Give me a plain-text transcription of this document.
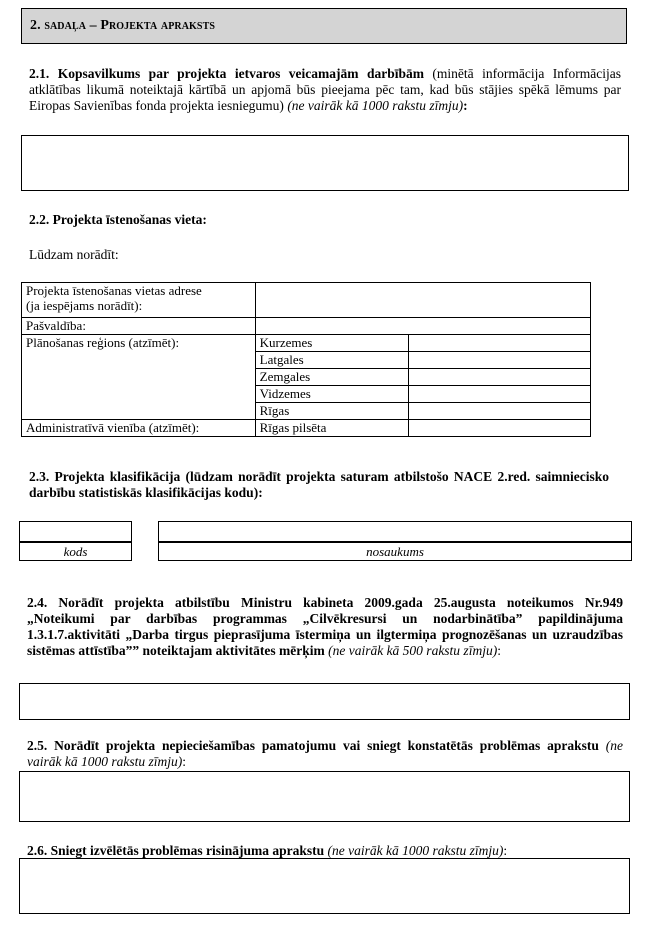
2. sadaļa – Projekta apraksts
2.1. Kopsavilkums par projekta ietvaros veicamajām darbībām (minētā informācija Informācijas atklātības likumā noteiktajā kārtībā un apjomā būs pieejama pēc tam, kad būs stājies spēkā lēmums par Eiropas Savienības fonda projekta iesniegumu) (ne vairāk kā 1000 rakstu zīmju):
2.2. Projekta īstenošanas vieta:
Lūdzam norādīt:
Projekta īstenošanas vietas adrese
(ja iespējams norādīt):		
Pašvaldība:		
Plānošanas reģions (atzīmēt):	Kurzemes	
	Latgales	
	Zemgales	
	Vidzemes	
	Rīgas	
Administratīvā vienība (atzīmēt):	Rīgas pilsēta	
2.3. Projekta klasifikācija (lūdzam norādīt projekta saturam atbilstošo NACE 2.red. saimniecisko darbību statistiskās klasifikācijas kodu):
kods	nosaukums
2.4. Norādīt projekta atbilstību Ministru kabineta 2009.gada 25.augusta noteikumos Nr.949 „Noteikumi par darbības programmas „Cilvēkresursi un nodarbinātība” papildinājuma 1.3.1.7.aktivitāti „Darba tirgus pieprasījuma īstermiņa un ilgtermiņa prognozēšanas un uzraudzības sistēmas attīstība”” noteiktajam aktivitātes mērķim (ne vairāk kā 500 rakstu zīmju):
2.5. Norādīt projekta nepieciešamības pamatojumu vai sniegt konstatētās problēmas aprakstu (ne vairāk kā 1000 rakstu zīmju):
2.6. Sniegt izvēlētās problēmas risinājuma aprakstu (ne vairāk kā 1000 rakstu zīmju):
